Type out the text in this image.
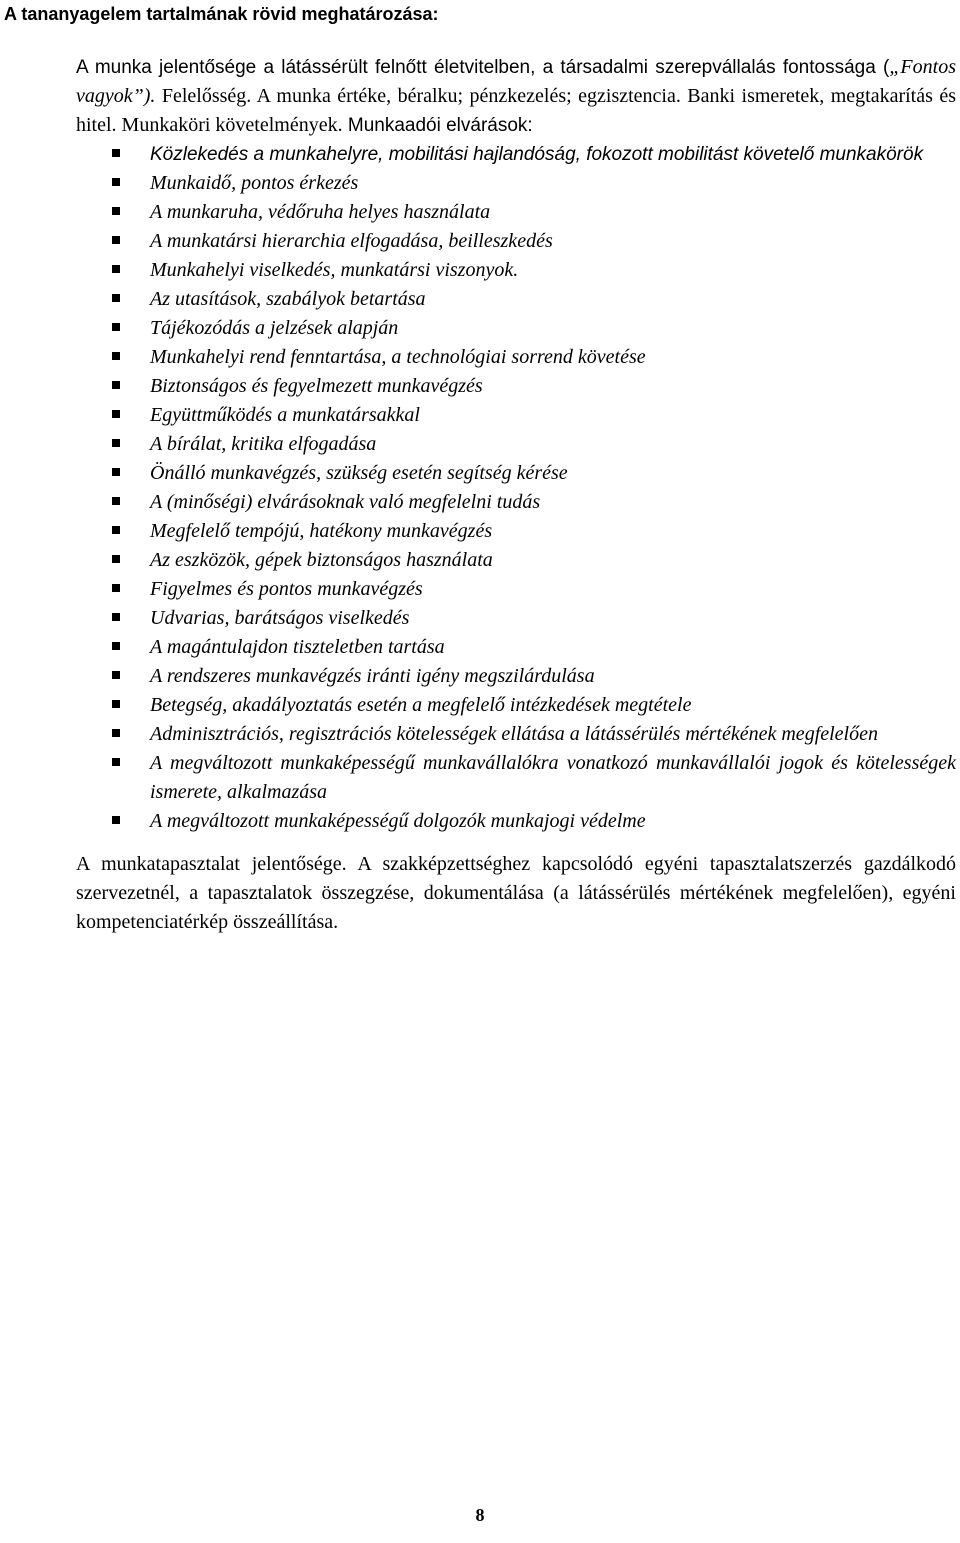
A tananyagelem tartalmának rövid meghatározása:

A munka jelentősége a látássérült felnőtt életvitelben, a társadalmi szerepvállalás fontossága („Fontos vagyok”). Felelősség. A munka értéke, béralku; pénzkezelés; egzisztencia. Banki ismeretek, megtakarítás és hitel. Munkaköri követelmények. Munkaadói elvárások:

Közlekedés a munkahelyre, mobilitási hajlandóság, fokozott mobilitást követelő munkakörök
Munkaidő, pontos érkezés
A munkaruha, védőruha helyes használata
A munkatársi hierarchia elfogadása, beilleszkedés
Munkahelyi viselkedés, munkatársi viszonyok.
Az utasítások, szabályok betartása
Tájékozódás a jelzések alapján
Munkahelyi rend fenntartása, a technológiai sorrend követése
Biztonságos és fegyelmezett munkavégzés
Együttműködés a munkatársakkal
A bírálat, kritika elfogadása
Önálló munkavégzés, szükség esetén segítség kérése
A (minőségi) elvárásoknak való megfelelni tudás
Megfelelő tempójú, hatékony munkavégzés
Az eszközök, gépek biztonságos használata
Figyelmes és pontos munkavégzés
Udvarias, barátságos viselkedés
A magántulajdon tiszteletben tartása
A rendszeres munkavégzés iránti igény megszilárdulása
Betegség, akadályoztatás esetén a megfelelő intézkedések megtétele
Adminisztrációs, regisztrációs kötelességek ellátása a látássérülés mértékének megfelelően
A megváltozott munkaképességű munkavállalókra vonatkozó munkavállalói jogok és kötelességek ismerete, alkalmazása
A megváltozott munkaképességű dolgozók munkajogi védelme

A munkatapasztalat jelentősége. A szakképzettséghez kapcsolódó egyéni tapasztalatszerzés gazdálkodó szervezetnél, a tapasztalatok összegzése, dokumentálása (a látássérülés mértékének megfelelően), egyéni kompetenciatérkép összeállítása.

8
